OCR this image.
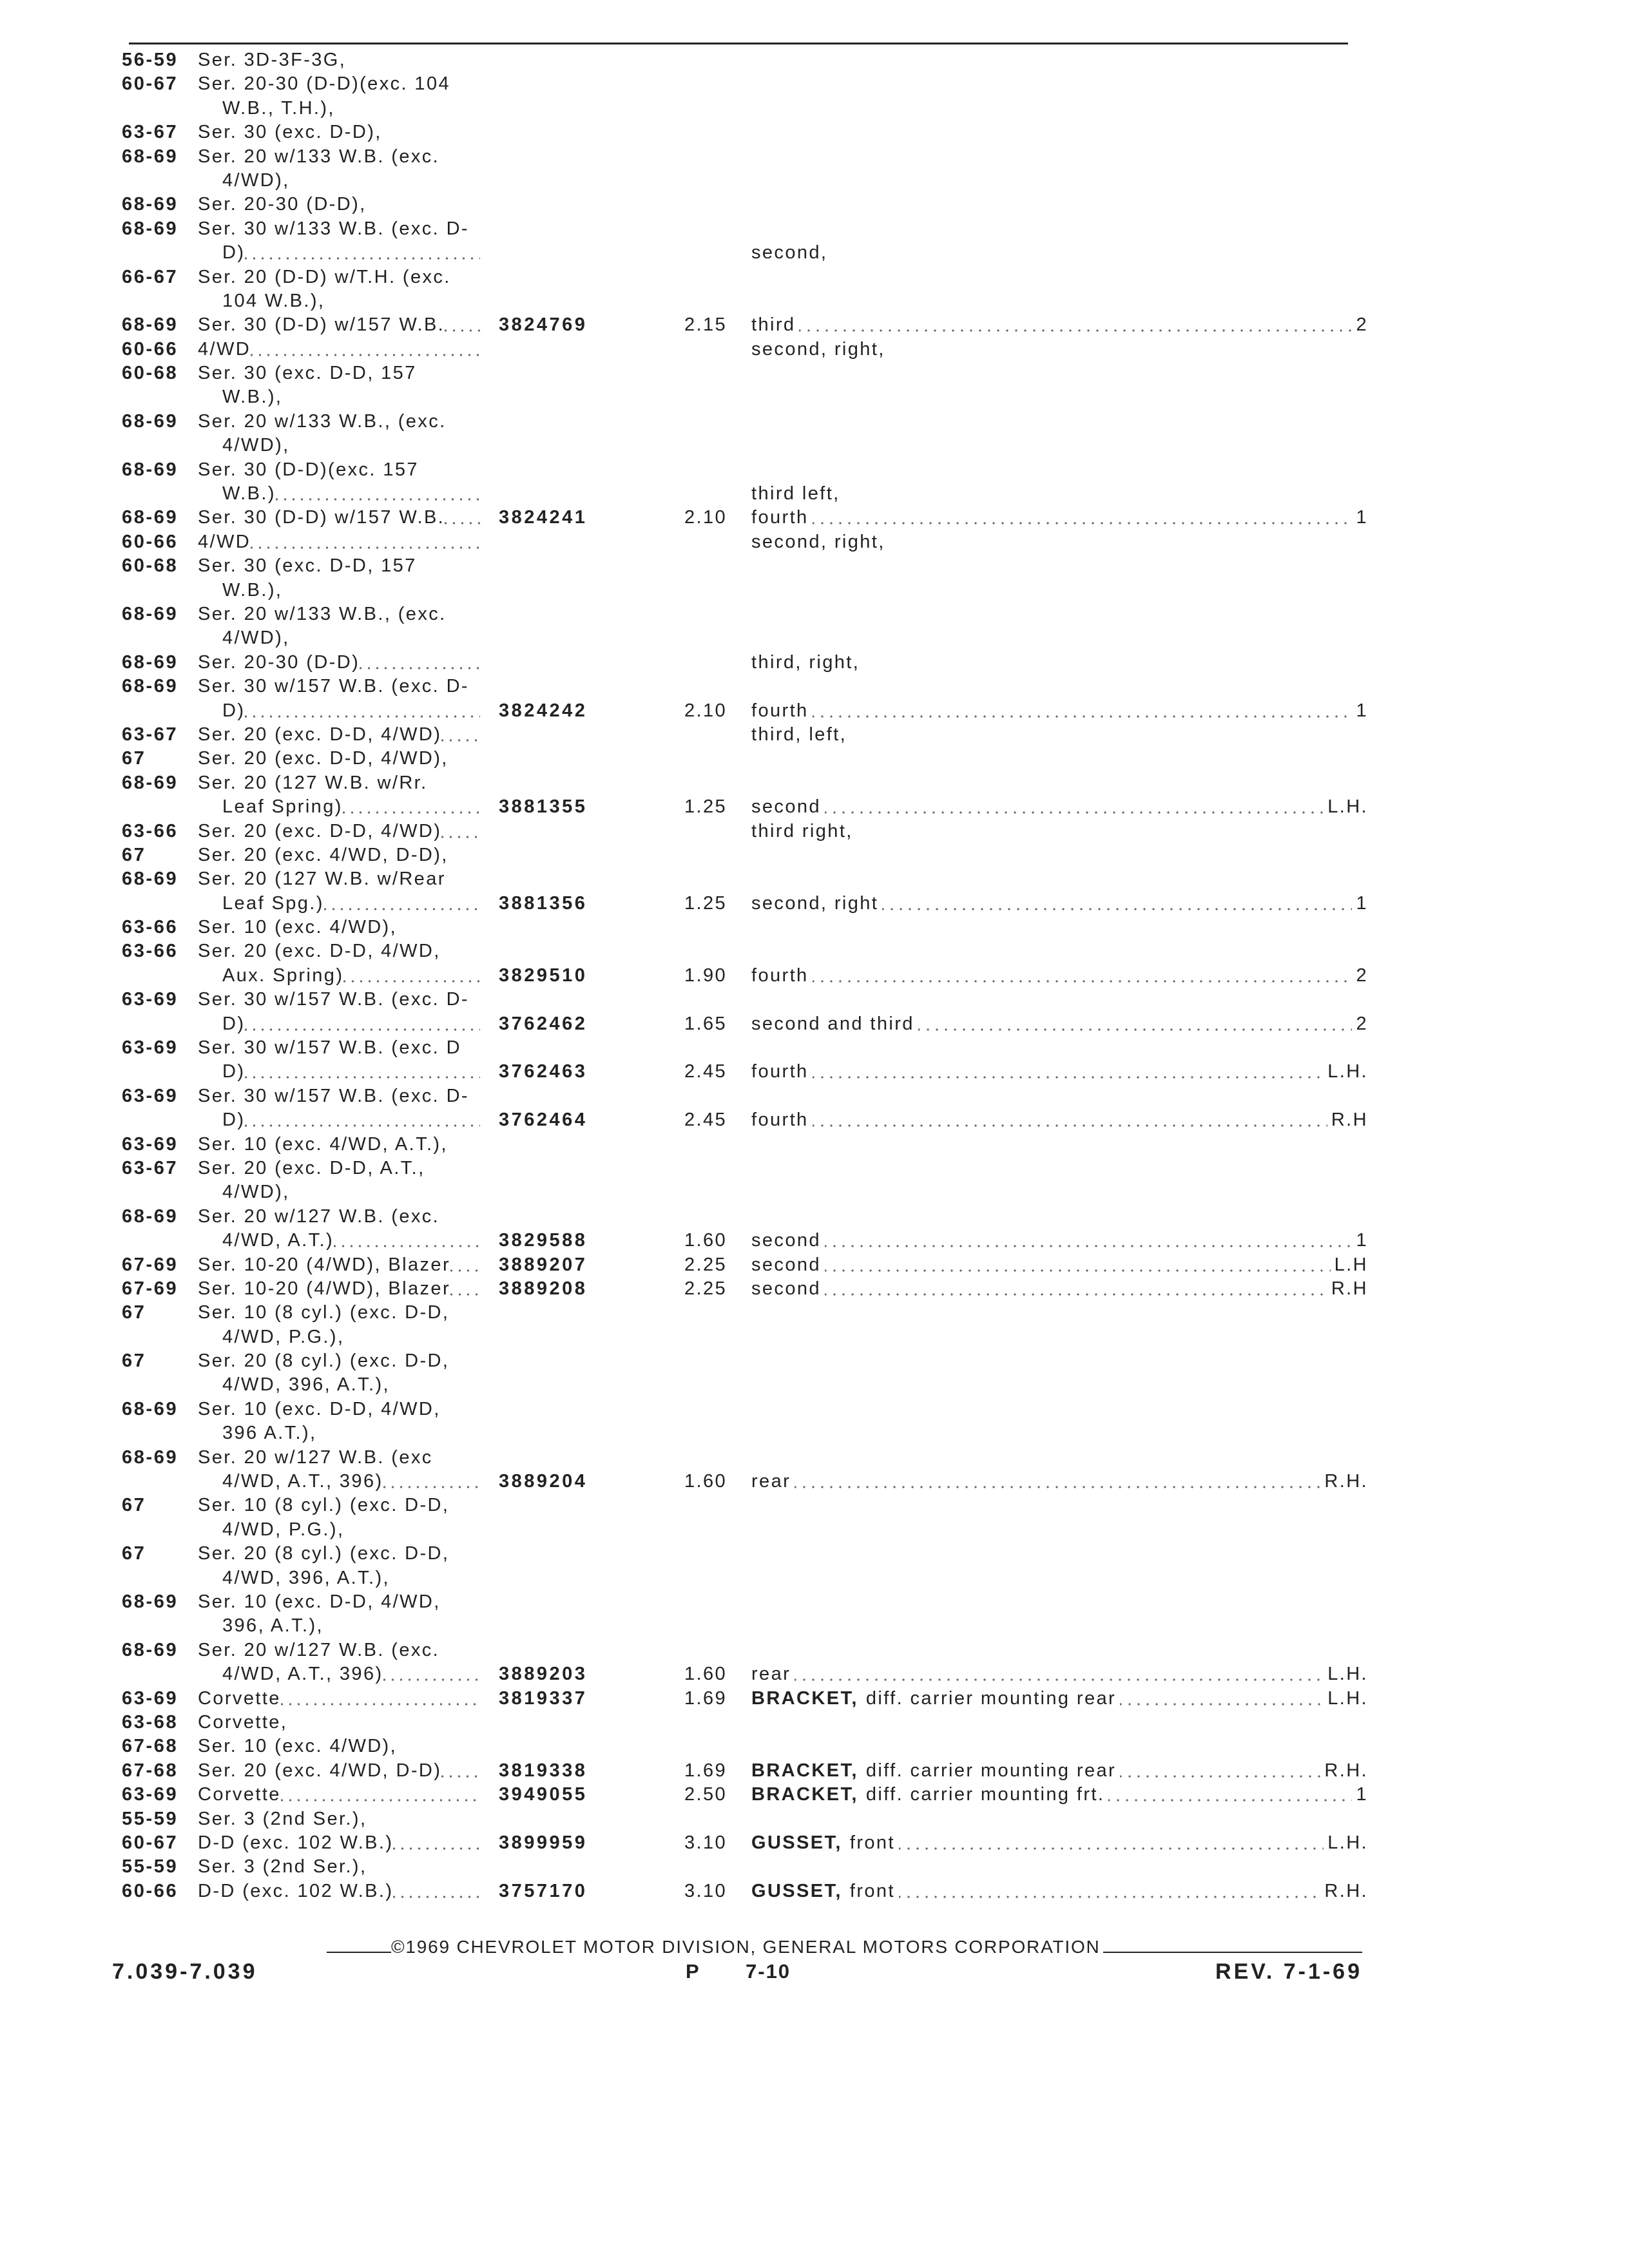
56-59 Ser. 3D-3F-3G,
60-67 Ser. 20-30 (D-D)(exc. 104
W.B., T.H.),
63-67 Ser. 30 (exc. D-D),
68-69 Ser. 20 w/133 W.B. (exc.
4/WD),
68-69 Ser. 20-30 (D-D),
68-69 Ser. 30 w/133 W.B. (exc. D-
D)	second,
66-67 Ser. 20 (D-D) w/T.H. (exc.
104 W.B.),
68-69 Ser. 30 (D-D) w/157 W.B.	3824769	2.15 third	2
60-66 4/WD	second, right,
60-68 Ser. 30 (exc. D-D, 157
W.B.),
68-69 Ser. 20 w/133 W.B., (exc.
4/WD),
68-69 Ser. 30 (D-D)(exc. 157
W.B.)	third left,
68-69 Ser. 30 (D-D) w/157 W.B.	3824241	2.10 fourth	1
60-66 4/WD	second, right,
60-68 Ser. 30 (exc. D-D, 157
W.B.),
68-69 Ser. 20 w/133 W.B., (exc.
4/WD),
68-69 Ser. 20-30 (D-D)	third, right,
68-69 Ser. 30 w/157 W.B. (exc. D-
D)	3824242	2.10 fourth	1
63-67 Ser. 20 (exc. D-D, 4/WD)	third, left,
67	Ser. 20 (exc. D-D, 4/WD),
68-69 Ser. 20 (127 W.B. w/Rr.
Leaf Spring)	3881355	1.25 second	L.H.
63-66 Ser. 20 (exc. D-D, 4/WD)	third right,
67	Ser. 20 (exc. 4/WD, D-D),
68-69 Ser. 20 (127 W.B. w/Rear
Leaf Spg.)	3881356	1.25 second, right	1
63-66 Ser. 10 (exc. 4/WD),
63-66 Ser. 20 (exc. D-D, 4/WD,
Aux. Spring)	3829510	1.90 fourth	2
63-69 Ser. 30 w/157 W.B. (exc. D-
D)	3762462	1.65 second and third	2
63-69 Ser. 30 w/157 W.B. (exc. D
D)	3762463	2.45 fourth	L.H.
63-69 Ser. 30 w/157 W.B. (exc. D-
D)	3762464	2.45 fourth	R.H
63-69 Ser. 10 (exc. 4/WD, A.T.),
63-67 Ser. 20 (exc. D-D, A.T.,
4/WD),
68-69 Ser. 20 w/127 W.B. (exc.
4/WD, A.T.)	3829588	1.60 second	1
67-69 Ser. 10-20 (4/WD), Blazer	3889207	2.25 second	L.H
67-69 Ser. 10-20 (4/WD), Blazer	3889208	2.25 second	R.H
67	Ser. 10 (8 cyl.) (exc. D-D,
4/WD, P.G.),
67	Ser. 20 (8 cyl.) (exc. D-D,
4/WD, 396, A.T.),
68-69 Ser. 10 (exc. D-D, 4/WD,
396 A.T.),
68-69 Ser. 20 w/127 W.B. (exc
4/WD, A.T., 396)	3889204	1.60 rear	R.H.
67	Ser. 10 (8 cyl.) (exc. D-D,
4/WD, P.G.),
67	Ser. 20 (8 cyl.) (exc. D-D,
4/WD, 396, A.T.),
68-69 Ser. 10 (exc. D-D, 4/WD,
396, A.T.),
68-69 Ser. 20 w/127 W.B. (exc.
4/WD, A.T., 396)	3889203	1.60 rear	L.H.
63-69 Corvette	3819337	1.69 BRACKET, diff. carrier mounting rear	L.H.
63-68 Corvette,
67-68 Ser. 10 (exc. 4/WD),
67-68 Ser. 20 (exc. 4/WD, D-D)	3819338	1.69 BRACKET, diff. carrier mounting rear	R.H.
63-69 Corvette	3949055	2.50 BRACKET, diff. carrier mounting frt.	1
55-59 Ser. 3 (2nd Ser.),
60-67 D-D (exc. 102 W.B.)	3899959	3.10 GUSSET, front	L.H.
55-59 Ser. 3 (2nd Ser.),
60-66 D-D (exc. 102 W.B.)	3757170	3.10 GUSSET, front	R.H.
©1969 CHEVROLET MOTOR DIVISION, GENERAL MOTORS CORPORATION
7.039-7.039	P 7-10	REV. 7-1-69
